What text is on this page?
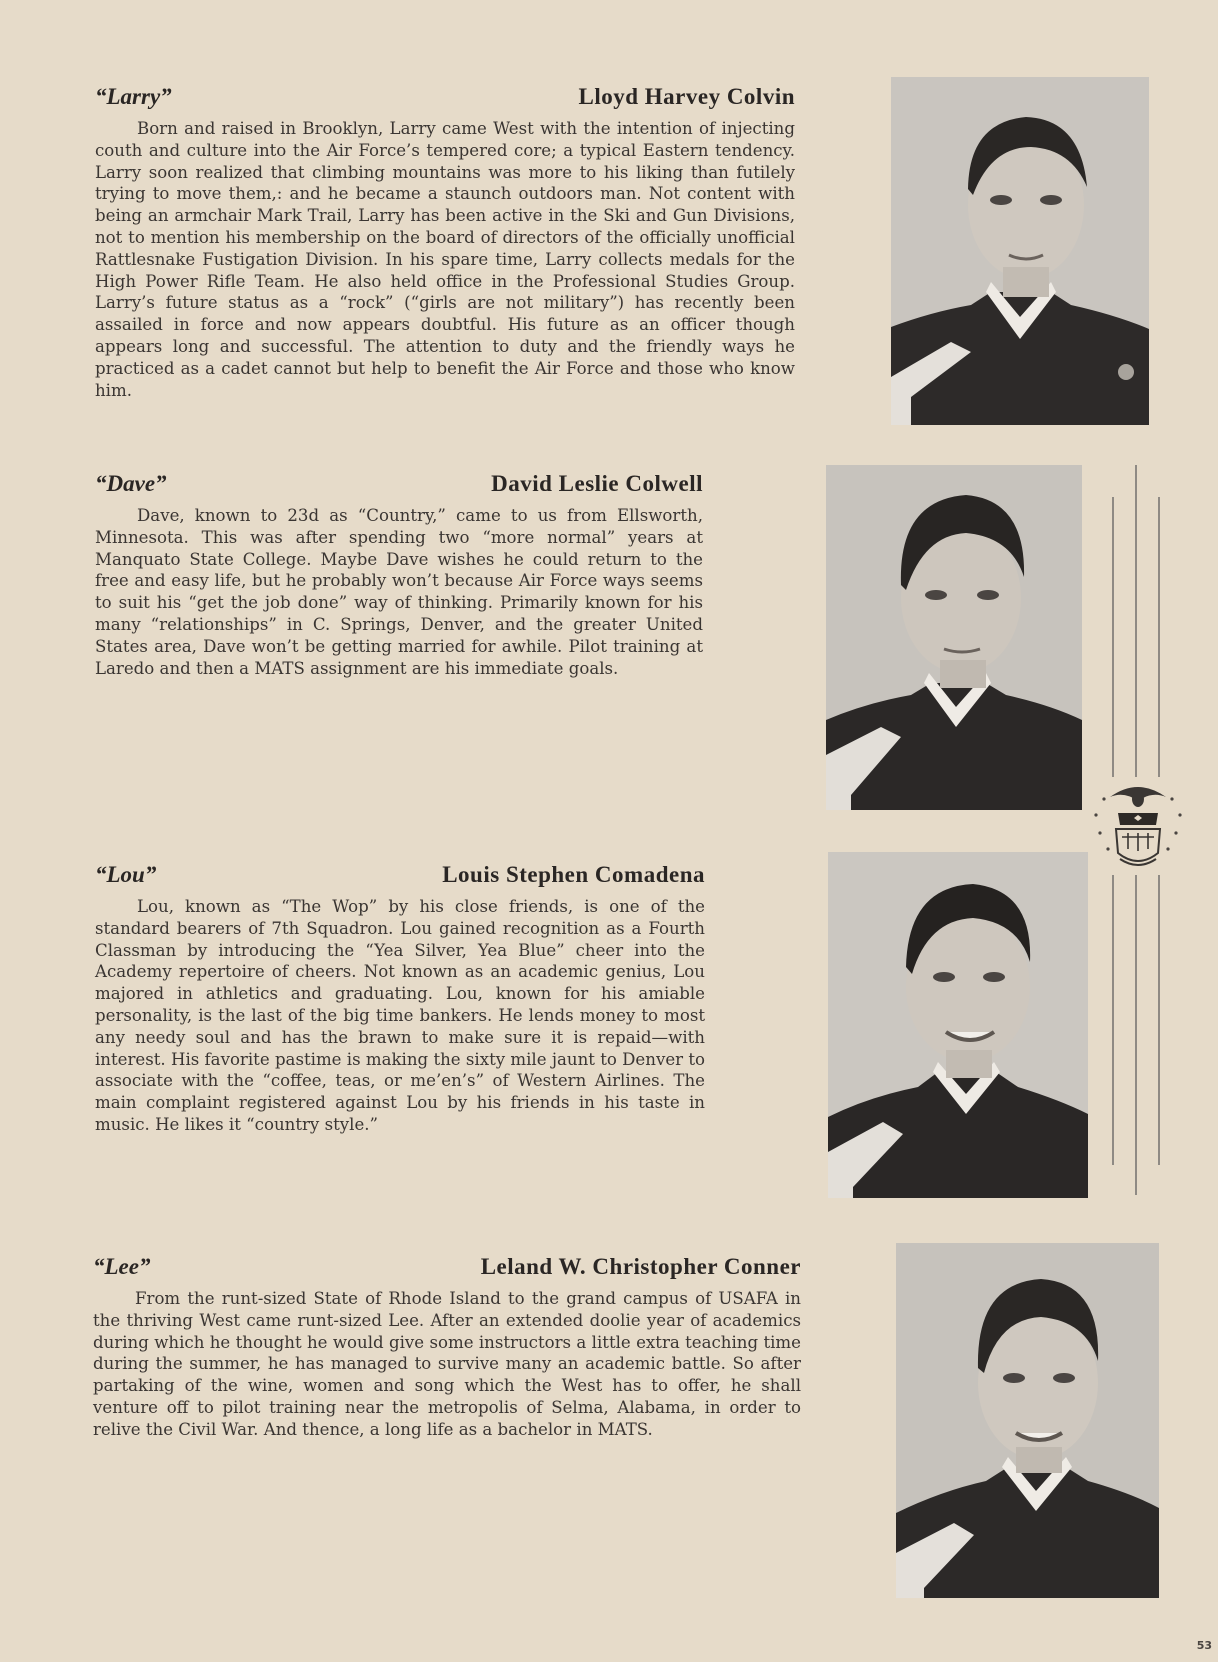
“Larry”	Lloyd Harvey Colvin

Born and raised in Brooklyn, Larry came West with the intention of injecting couth and culture into the Air Force’s tempered core; a typical Eastern tendency. Larry soon realized that climbing mountains was more to his liking than futilely trying to move them,: and he became a staunch outdoors man. Not content with being an armchair Mark Trail, Larry has been active in the Ski and Gun Divisions, not to mention his membership on the board of directors of the officially unofficial Rattlesnake Fustigation Division. In his spare time, Larry collects medals for the High Power Rifle Team. He also held office in the Professional Studies Group. Larry’s future status as a “rock” (“girls are not military”) has recently been assailed in force and now appears doubtful. His future as an officer though appears long and successful. The attention to duty and the friendly ways he practiced as a cadet cannot but help to benefit the Air Force and those who know him.

“Dave”	David Leslie Colwell

Dave, known to 23d as “Country,” came to us from Ellsworth, Minnesota. This was after spending two “more normal” years at Manquato State College. Maybe Dave wishes he could return to the free and easy life, but he probably won’t because Air Force ways seems to suit his “get the job done” way of thinking. Primarily known for his many “relationships” in C. Springs, Denver, and the greater United States area, Dave won’t be getting married for awhile. Pilot training at Laredo and then a MATS assignment are his immediate goals.

“Lou”	Louis Stephen Comadena

Lou, known as “The Wop” by his close friends, is one of the standard bearers of 7th Squadron. Lou gained recognition as a Fourth Classman by introducing the “Yea Silver, Yea Blue” cheer into the Academy repertoire of cheers. Not known as an academic genius, Lou majored in athletics and graduating. Lou, known for his amiable personality, is the last of the big time bankers. He lends money to most any needy soul and has the brawn to make sure it is repaid—with interest. His favorite pastime is making the sixty mile jaunt to Denver to associate with the “coffee, teas, or me’en’s” of Western Airlines. The main complaint registered against Lou by his friends in his taste in music. He likes it “country style.”

“Lee”	Leland W. Christopher Conner

From the runt-sized State of Rhode Island to the grand campus of USAFA in the thriving West came runt-sized Lee. After an extended doolie year of academics during which he thought he would give some instructors a little extra teaching time during the summer, he has managed to survive many an academic battle. So after partaking of the wine, women and song which the West has to offer, he shall venture off to pilot training near the metropolis of Selma, Alabama, in order to relive the Civil War. And thence, a long life as a bachelor in MATS.

53
